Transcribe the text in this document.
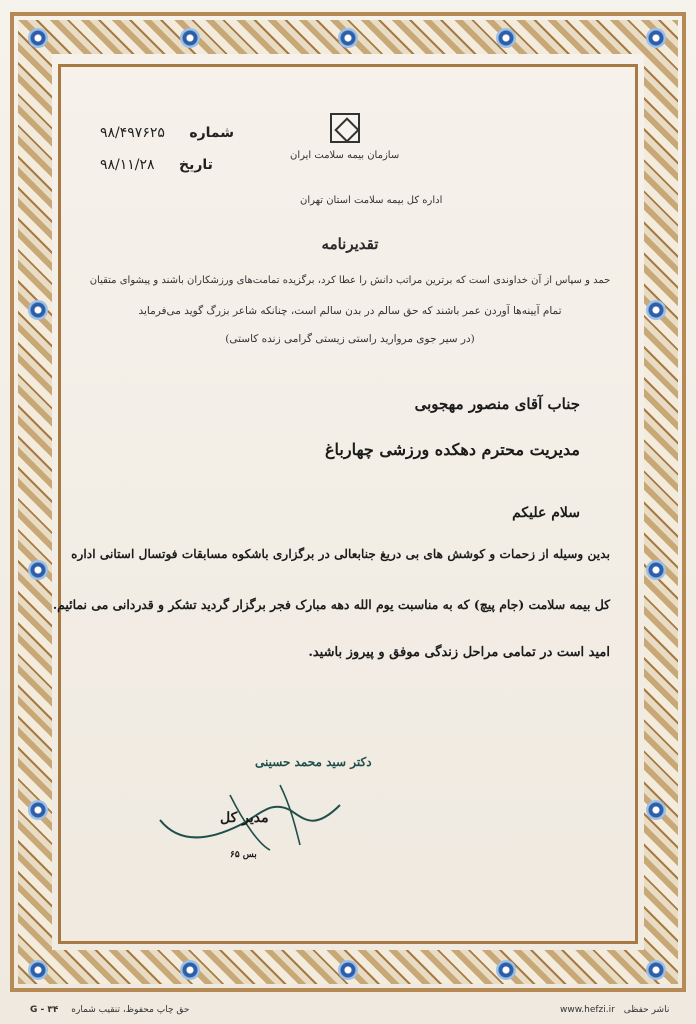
۹۸/۴۹۷۶۲۵ شماره
۹۸/۱۱/۲۸ تاریخ
سازمان بیمه سلامت ایران
اداره کل بیمه سلامت استان تهران
تقدیرنامه
حمد و سپاس از آن خداوندی است که برترین مراتب دانش را عطا کرد، برگزیده تمامت‌های ورزشکاران باشند و پیشوای متقیان
تمام آیینه‌ها آوردن عمر باشند که حق سالم در بدن سالم است، چنانکه شاعر بزرگ گوید می‌فرماید
(در سیر جوی مروارید راستی زیستی گرامی زنده کاستی)
جناب آقای منصور مهجوبی
مدیریت محترم دهکده ورزشی چهارباغ
سلام علیکم
بدین وسیله از زحمات و کوشش های بی دریغ جنابعالی در برگزاری باشکوه مسابقات فوتسال استانی اداره
کل بیمه سلامت (جام پیچ) که به مناسبت یوم الله دهه مبارک فجر برگزار گردید تشکر و قدردانی می نمائیم.
امید است در تمامی مراحل زندگی موفق و پیروز باشید.
دکتر سید محمد حسینی
مدیر کل
بس ۶۵
G - ۳۴ حق چاپ محفوظ، تنقیب شماره	www.hefzi.ir ناشر حفظی
